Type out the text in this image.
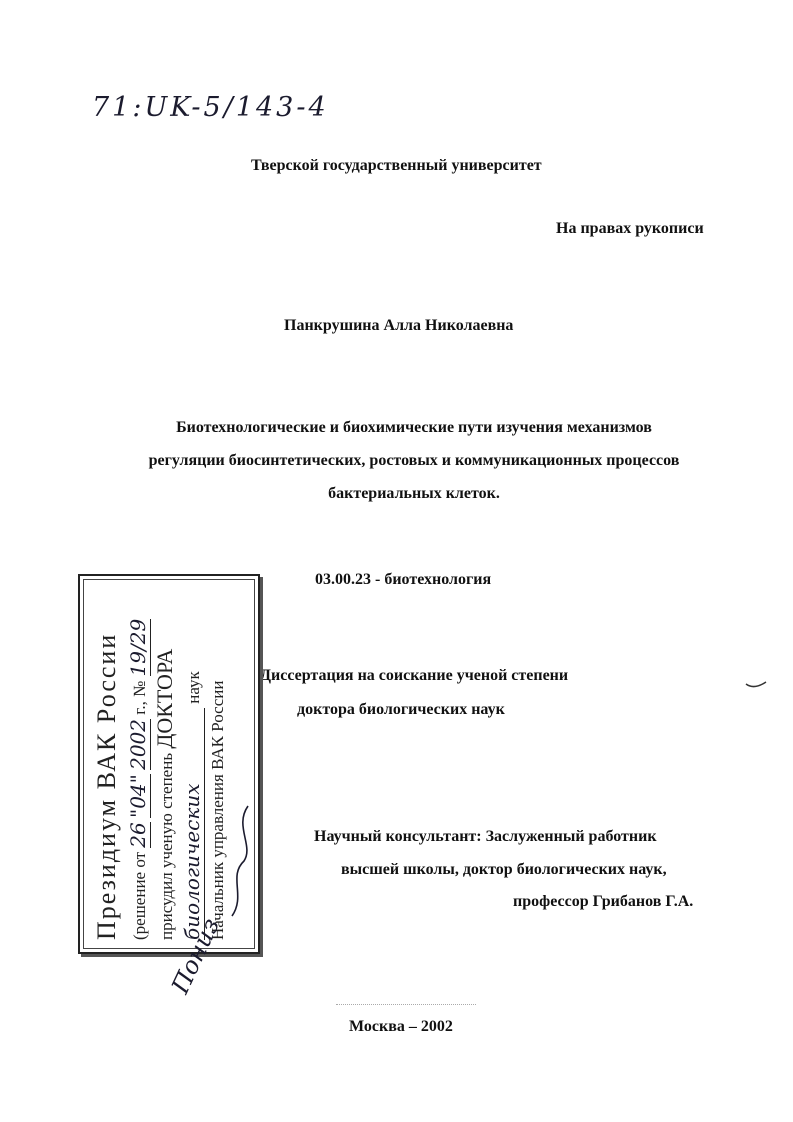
71:UK-5/143-4
Тверской государственный университет
На правах рукописи
Панкрушина Алла Николаевна
Биотехнологические и биохимические пути изучения механизмов
регуляции биосинтетических, ростовых и коммуникационных процессов
бактериальных клеток.
03.00.23 - биотехнология
Диссертация на соискание ученой степени
доктора биологических наук
Научный консультант: Заслуженный работник
высшей школы, доктор биологических наук,
профессор Грибанов Г.А.
Президиум ВАК России (решение от 26 "04" 2002 г., № 19/29
присудил ученую степень ДОКТОРА
биологических наук Начальник управления ВАК России
Пониз
Москва – 2002
